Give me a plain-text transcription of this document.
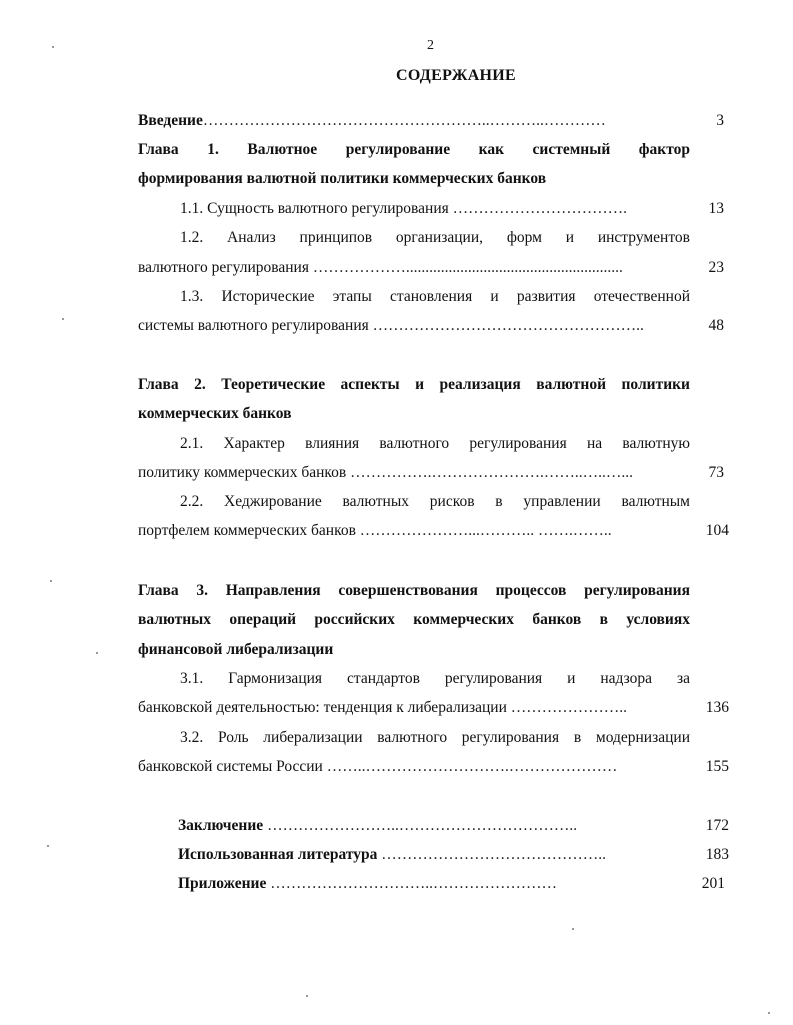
2
СОДЕРЖАНИЕ
Введение………………………………………………..………..…………	3
Глава 1. Валютное регулирование как системный фактор
формирования валютной политики коммерческих банков
1.1. Сущность валютного регулирования …………………………….	13
1.2. Анализ принципов организации, форм и инструментов
валютного регулирования ………………........................................................	23
1.3. Исторические этапы становления и развития отечественной
системы валютного регулирования ……………………………………………..	48
Глава 2. Теоретические аспекты и реализация валютной политики
коммерческих банков
2.1. Характер влияния валютного регулирования на валютную
политику коммерческих банков …………….………………….……..…..…...	73
2.2. Хеджирование валютных рисков в управлении валютным
портфелем коммерческих банков …………………...……….. …….……..	104
Глава 3. Направления совершенствования процессов регулирования
валютных операций российских коммерческих банков в условиях
финансовой либерализации
3.1. Гармонизация стандартов регулирования и надзора за
банковской деятельностью: тенденция к либерализации …………………..	136
3.2. Роль либерализации валютного регулирования в модернизации
банковской системы России ……..……………………….…………………	155
Заключение ……………………..……………………………..	172
Использованная литература ……………………………………..	183
Приложение …………………………..……………………	201
